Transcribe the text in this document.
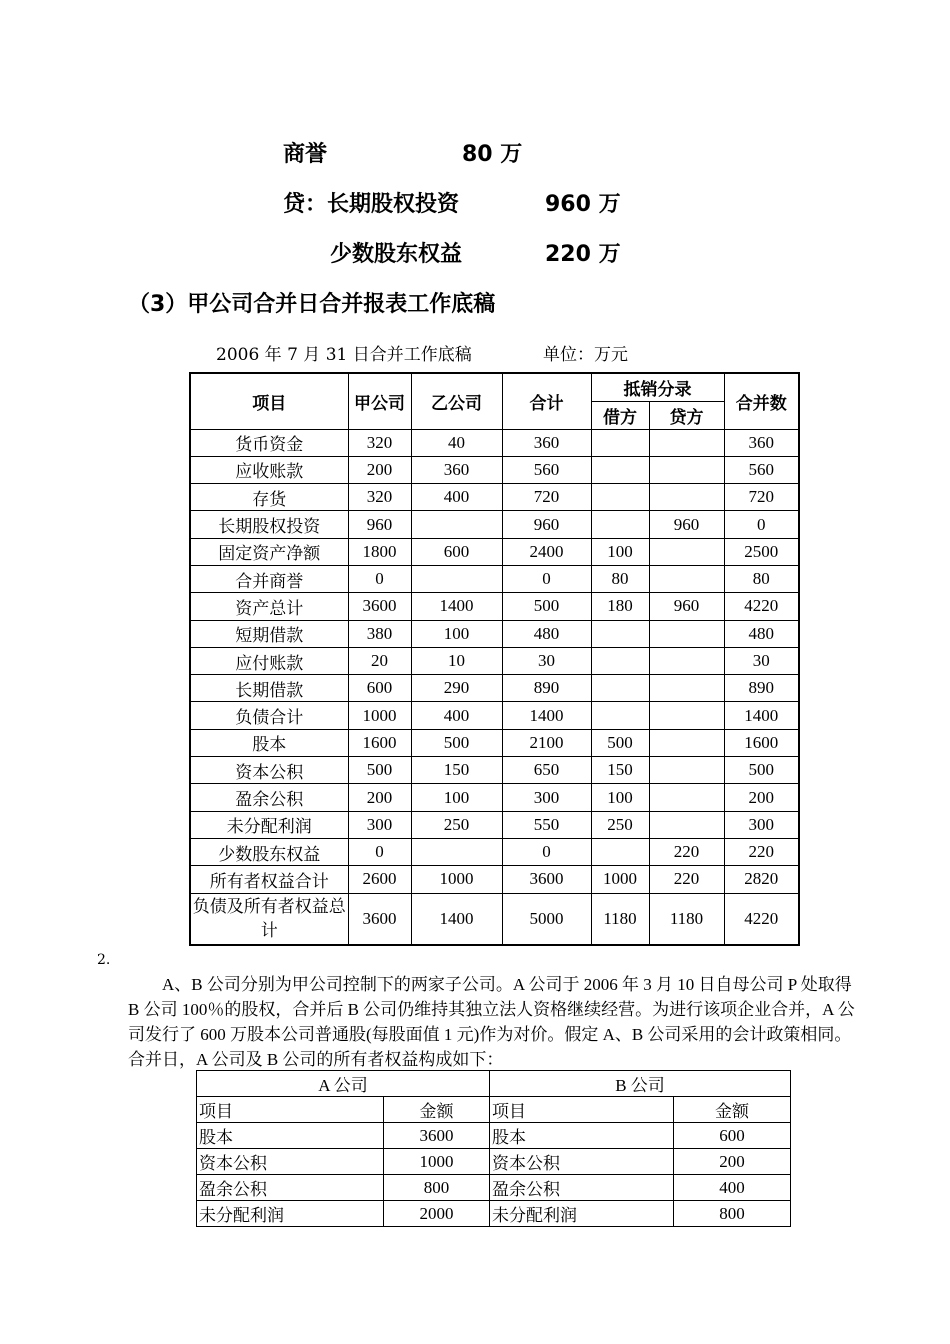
商誉	80 万
贷：长期股权投资	960 万
少数股东权益	220 万
（3）甲公司合并日合并报表工作底稿
2006 年 7 月 31 日合并工作底稿	单位：万元
项目	甲公司	乙公司	合计	抵销分录		合并数
				借方	贷方	
货币资金	320	40	360			360
应收账款	200	360	560			560
存货	320	400	720			720
长期股权投资	960		960		960	0
固定资产净额	1800	600	2400	100		2500
合并商誉	0		0	80		80
资产总计	3600	1400	500	180	960	4220
短期借款	380	100	480			480
应付账款	20	10	30			30
长期借款	600	290	890			890
负债合计	1000	400	1400			1400
股本	1600	500	2100	500		1600
资本公积	500	150	650	150		500
盈余公积	200	100	300	100		200
未分配利润	300	250	550	250		300
少数股东权益	0		0		220	220
所有者权益合计	2600	1000	3600	1000	220	2820
负债及所有者权益总计	3600	1400	5000	1180	1180	4220
2.
A、B 公司分别为甲公司控制下的两家子公司。A 公司于 2006 年 3 月 10 日自母公司 P 处取得 B 公司 100％的股权，合并后 B 公司仍维持其独立法人资格继续经营。为进行该项企业合并，A 公司发行了 600 万股本公司普通股(每股面值 1 元)作为对价。假定 A、B 公司采用的会计政策相同。合并日，A 公司及 B 公司的所有者权益构成如下：
A 公司		B 公司	
项目	金额	项目	金额
股本	3600	股本	600
资本公积	1000	资本公积	200
盈余公积	800	盈余公积	400
未分配利润	2000	未分配利润	800
